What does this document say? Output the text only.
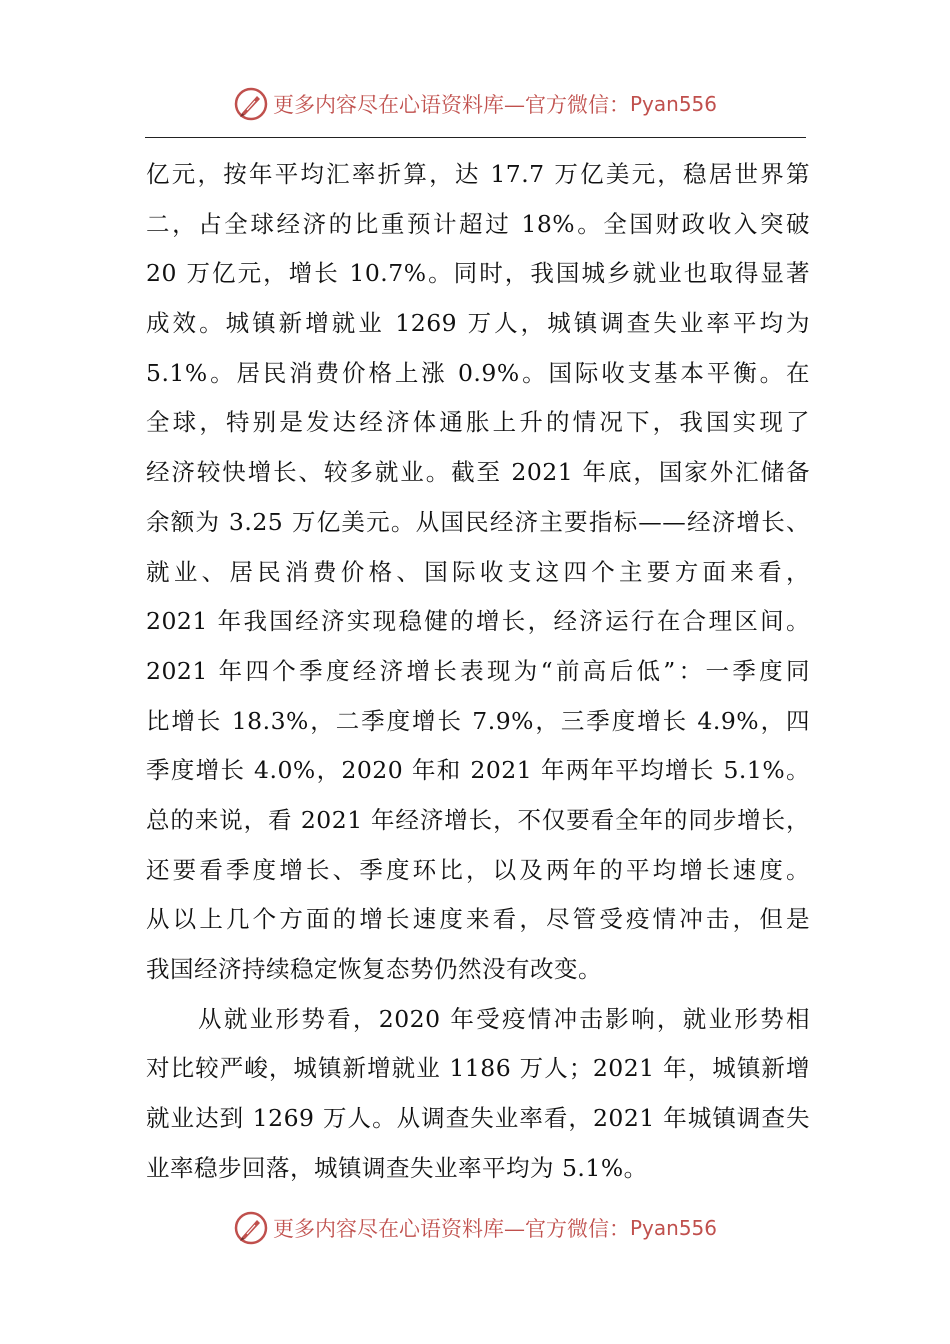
更多内容尽在心语资料库—官方微信： Pyan556
亿元，按年平均汇率折算，达 17.7 万亿美元，稳居世界第
二，占全球经济的比重预计超过 18%。全国财政收入突破
20 万亿元，增长 10.7%。同时，我国城乡就业也取得显著
成效。城镇新增就业 1269 万人，城镇调查失业率平均为
5.1%。居民消费价格上涨 0.9%。国际收支基本平衡。在
全球，特别是发达经济体通胀上升的情况下，我国实现了
经济较快增长、较多就业。截至 2021 年底，国家外汇储备
余额为 3.25 万亿美元。从国民经济主要指标——经济增长、
就业、居民消费价格、国际收支这四个主要方面来看，
2021 年我国经济实现稳健的增长，经济运行在合理区间。
2021 年四个季度经济增长表现为“前高后低”：一季度同
比增长 18.3%，二季度增长 7.9%，三季度增长 4.9%，四
季度增长 4.0%，2020 年和 2021 年两年平均增长 5.1%。
总的来说，看 2021 年经济增长，不仅要看全年的同步增长，
还要看季度增长、季度环比，以及两年的平均增长速度。
从以上几个方面的增长速度来看，尽管受疫情冲击，但是
我国经济持续稳定恢复态势仍然没有改变。
从就业形势看，2020 年受疫情冲击影响，就业形势相
对比较严峻，城镇新增就业 1186 万人；2021 年，城镇新增
就业达到 1269 万人。从调查失业率看，2021 年城镇调查失
业率稳步回落，城镇调查失业率平均为 5.1%。
更多内容尽在心语资料库—官方微信： Pyan556
